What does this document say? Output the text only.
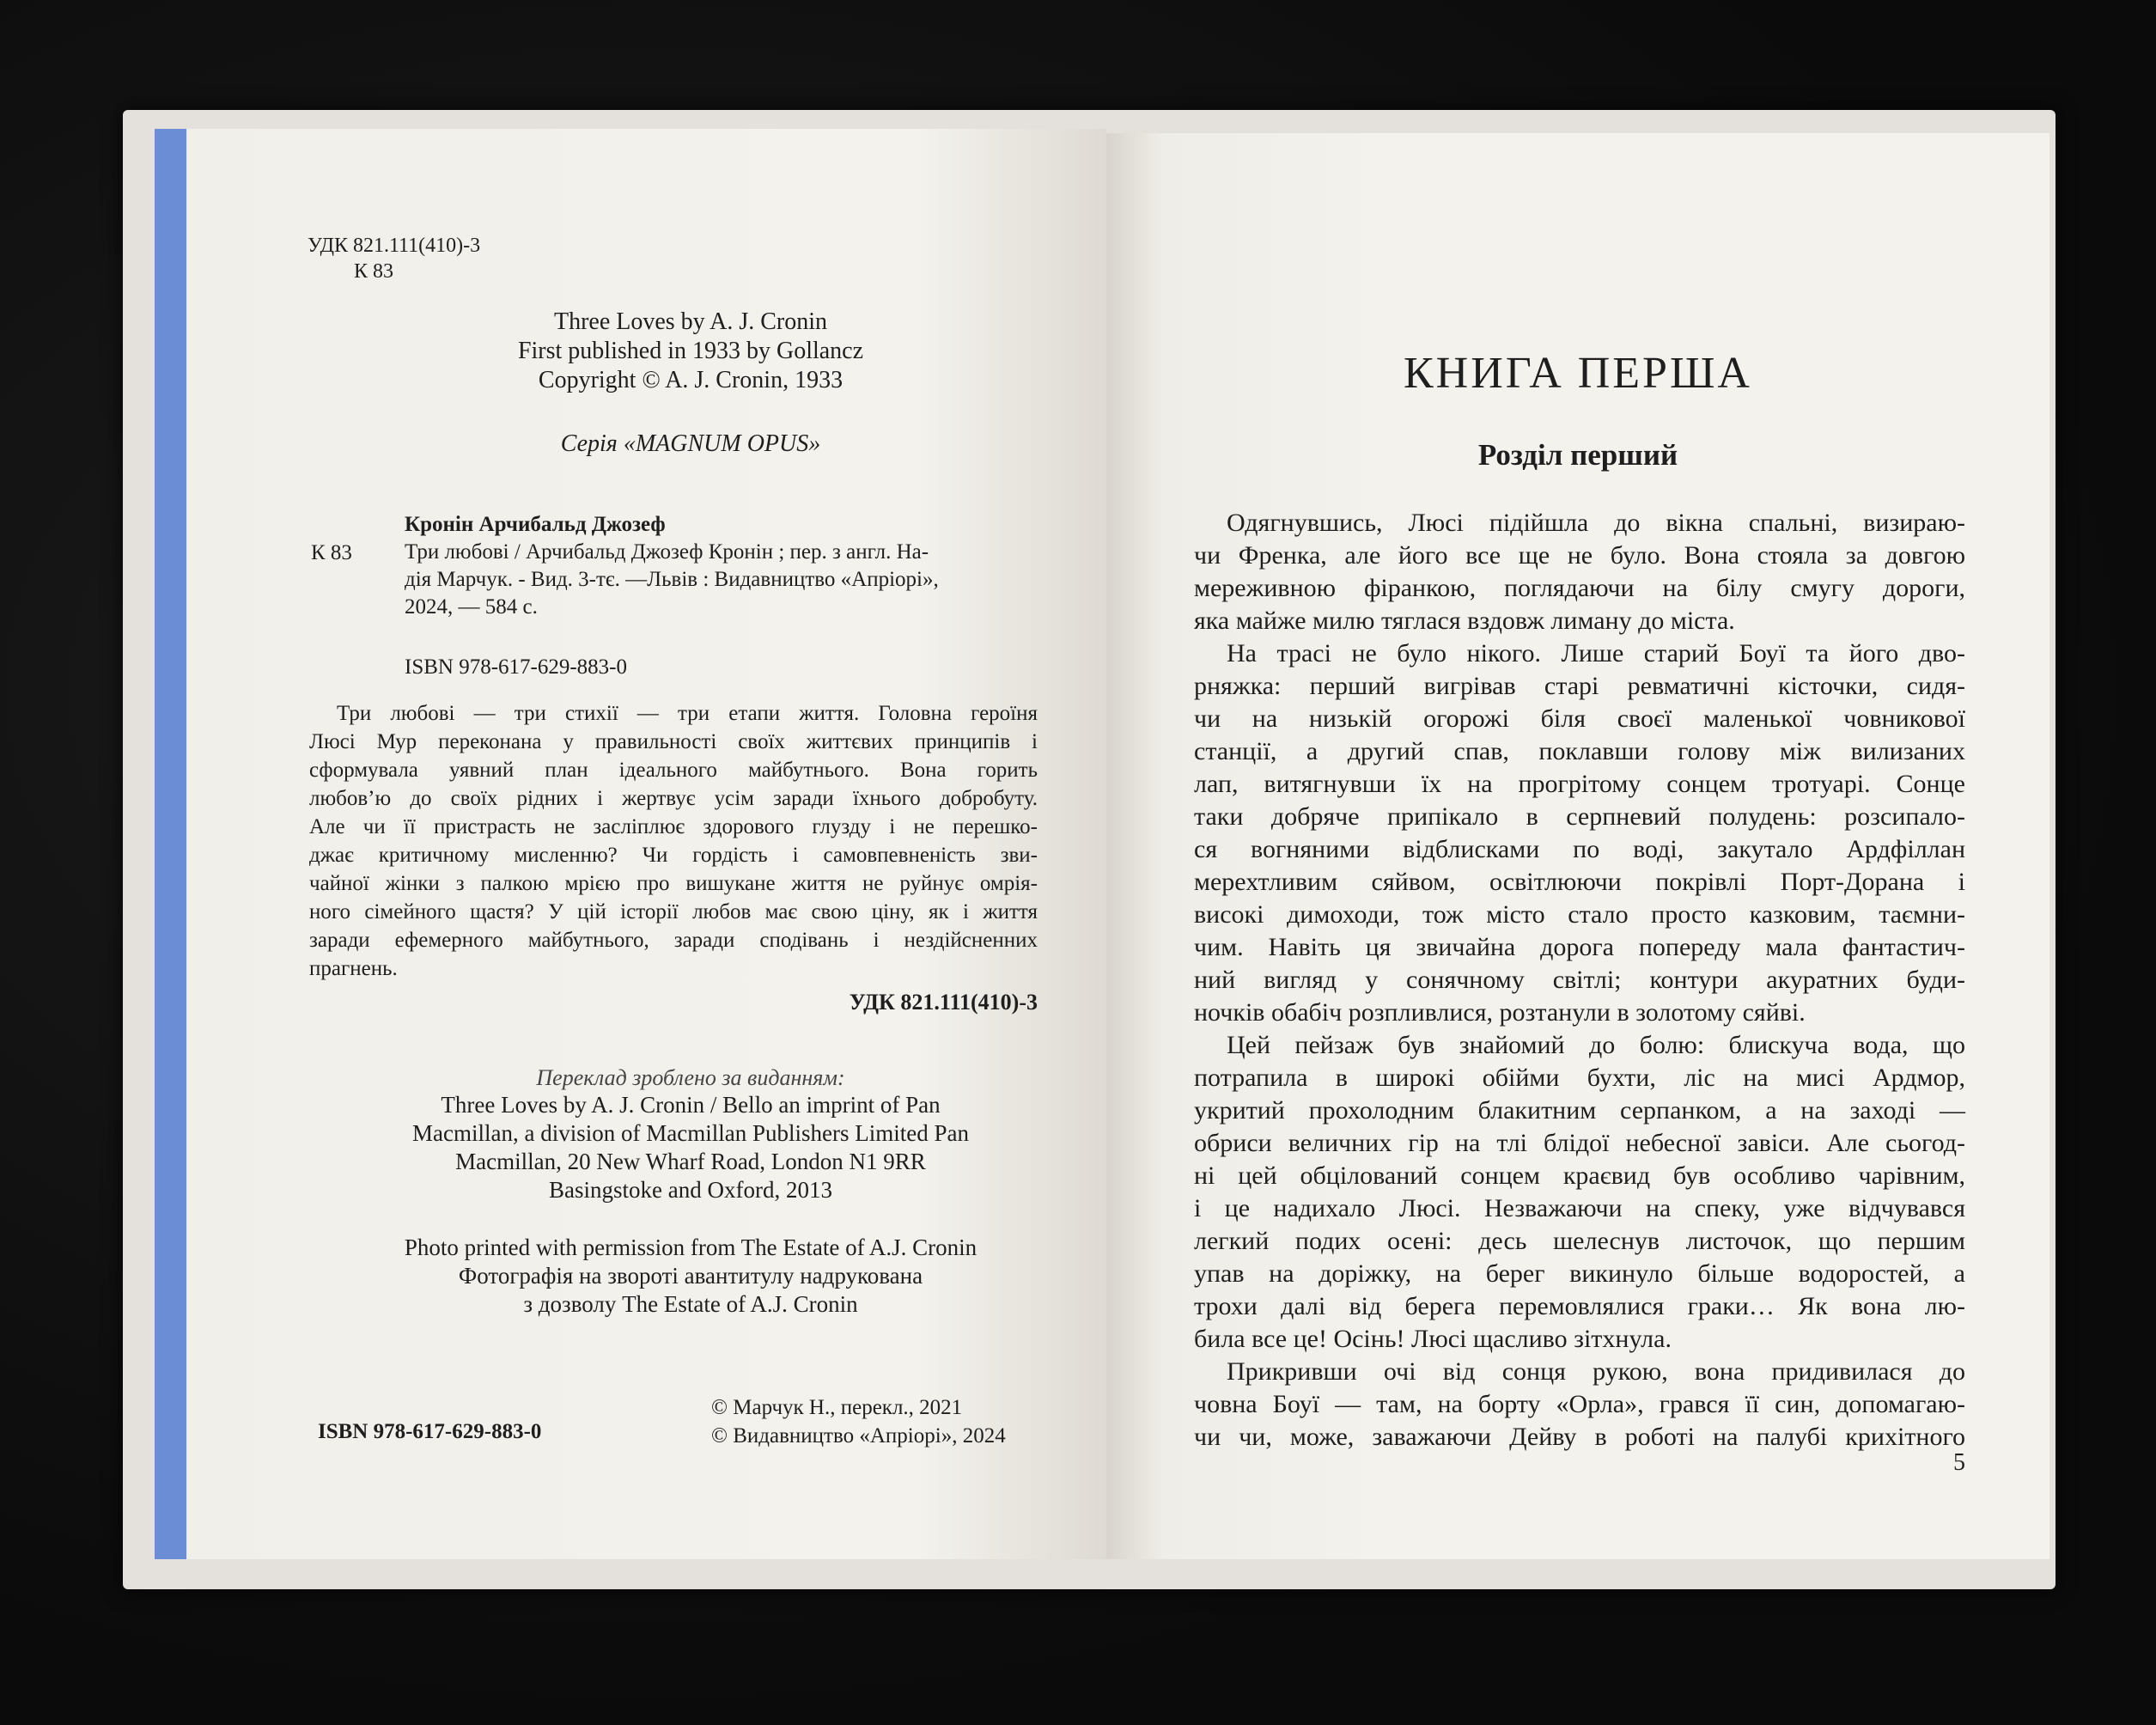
УДК 821.111(410)-3
К 83
Three Loves by A. J. Cronin
First published in 1933 by Gollancz
Copyright © A. J. Cronin, 1933
Серія «MAGNUM OPUS»
Кронін Арчибальд Джозеф
К 83 Три любові / Арчибальд Джозеф Кронін ; пер. з англ. На-
дія Марчук. - Вид. 3-тє. —Львів : Видавництво «Апріорі»,
2024, — 584 с.
ISBN 978-617-629-883-0
Три любові — три стихії — три етапи життя. Головна героїня
Люсі Мур переконана у правильності своїх життєвих принципів і
сформувала уявний план ідеального майбутнього. Вона горить
любов’ю до своїх рідних і жертвує усім заради їхнього добробуту.
Але чи її пристрасть не засліплює здорового глузду і не перешко-
джає критичному мисленню? Чи гордість і самовпевненість зви-
чайної жінки з палкою мрією про вишукане життя не руйнує омрія-
ного сімейного щастя? У цій історії любов має свою ціну, як і життя
заради ефемерного майбутнього, заради сподівань і нездійсненних
прагнень.
УДК 821.111(410)-3
Переклад зроблено за виданням:
Three Loves by A. J. Cronin / Bello an imprint of Pan
Macmillan, a division of Macmillan Publishers Limited Pan
Macmillan, 20 New Wharf Road, London N1 9RR
Basingstoke and Oxford, 2013
Photo printed with permission from The Estate of A.J. Cronin
Фотографія на звороті авантитулу надрукована
з дозволу The Estate of A.J. Cronin
ISBN 978-617-629-883-0
© Марчук Н., перекл., 2021
© Видавництво «Апріорі», 2024
КНИГА ПЕРША
Розділ перший
Одягнувшись, Люсі підійшла до вікна спальні, визираю-
чи Френка, але його все ще не було. Вона стояла за довгою
мереживною фіранкою, поглядаючи на білу смугу дороги,
яка майже милю тяглася вздовж лиману до міста.
На трасі не було нікого. Лише старий Боуї та його дво-
рняжка: перший вигрівав старі ревматичні кісточки, сидя-
чи на низькій огорожі біля своєї маленької човникової
станції, а другий спав, поклавши голову між вилизаних
лап, витягнувши їх на прогрітому сонцем тротуарі. Сонце
таки добряче припікало в серпневий полудень: розсипало-
ся вогняними відблисками по воді, закутало Ардфіллан
мерехтливим сяйвом, освітлюючи покрівлі Порт-Дорана і
високі димоходи, тож місто стало просто казковим, таємни-
чим. Навіть ця звичайна дорога попереду мала фантастич-
ний вигляд у сонячному світлі; контури акуратних буди-
ночків обабіч розпливлися, розтанули в золотому сяйві.
Цей пейзаж був знайомий до болю: блискуча вода, що
потрапила в широкі обійми бухти, ліс на мисі Ардмор,
укритий прохолодним блакитним серпанком, а на заході —
обриси величних гір на тлі блідої небесної завіси. Але сьогод-
ні цей обцілований сонцем краєвид був особливо чарівним,
і це надихало Люсі. Незважаючи на спеку, уже відчувався
легкий подих осені: десь шелеснув листочок, що першим
упав на доріжку, на берег викинуло більше водоростей, а
трохи далі від берега перемовлялися граки… Як вона лю-
била все це! Осінь! Люсі щасливо зітхнула.
Прикривши очі від сонця рукою, вона придивилася до
човна Боуї — там, на борту «Орла», грався її син, допомагаю-
чи чи, може, заважаючи Дейву в роботі на палубі крихітного
5
